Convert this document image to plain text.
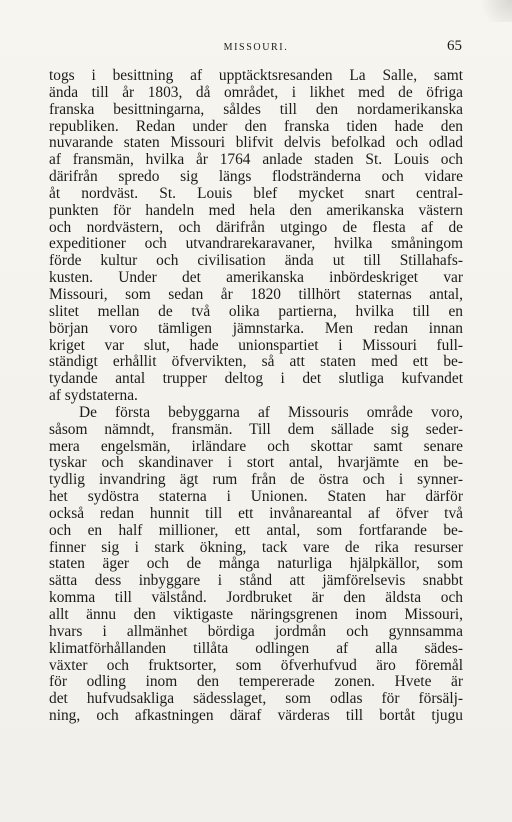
MISSOURI.	65
togs i besittning af upptäcktsresanden La Salle, samt
ända till år 1803, då området, i likhet med de öfriga
franska besittningarna, såldes till den nordamerikanska
republiken. Redan under den franska tiden hade den
nuvarande staten Missouri blifvit delvis befolkad och odlad
af fransmän, hvilka år 1764 anlade staden St. Louis och
därifrån spredo sig längs flodstränderna och vidare
åt nordväst. St. Louis blef mycket snart central-
punkten för handeln med hela den amerikanska västern
och nordvästern, och därifrån utgingo de flesta af de
expeditioner och utvandrarekaravaner, hvilka småningom
förde kultur och civilisation ända ut till Stillahafs-
kusten. Under det amerikanska inbördeskriget var
Missouri, som sedan år 1820 tillhört staternas antal,
slitet mellan de två olika partierna, hvilka till en
början voro tämligen jämnstarka. Men redan innan
kriget var slut, hade unionspartiet i Missouri full-
ständigt erhållit öfvervikten, så att staten med ett be-
tydande antal trupper deltog i det slutliga kufvandet
af sydstaterna.
De första bebyggarna af Missouris område voro,
såsom nämndt, fransmän. Till dem sällade sig seder-
mera engelsmän, irländare och skottar samt senare
tyskar och skandinaver i stort antal, hvarjämte en be-
tydlig invandring ägt rum från de östra och i synner-
het sydöstra staterna i Unionen. Staten har därför
också redan hunnit till ett invånareantal af öfver två
och en half millioner, ett antal, som fortfarande be-
finner sig i stark ökning, tack vare de rika resurser
staten äger och de många naturliga hjälpkällor, som
sätta dess inbyggare i stånd att jämförelsevis snabbt
komma till välstånd. Jordbruket är den äldsta och
allt ännu den viktigaste näringsgrenen inom Missouri,
hvars i allmänhet bördiga jordmån och gynnsamma
klimatförhållanden tillåta odlingen af alla sädes-
växter och fruktsorter, som öfverhufvud äro föremål
för odling inom den tempererade zonen. Hvete är
det hufvudsakliga sädesslaget, som odlas för försälj-
ning, och afkastningen däraf värderas till bortåt tjugu
